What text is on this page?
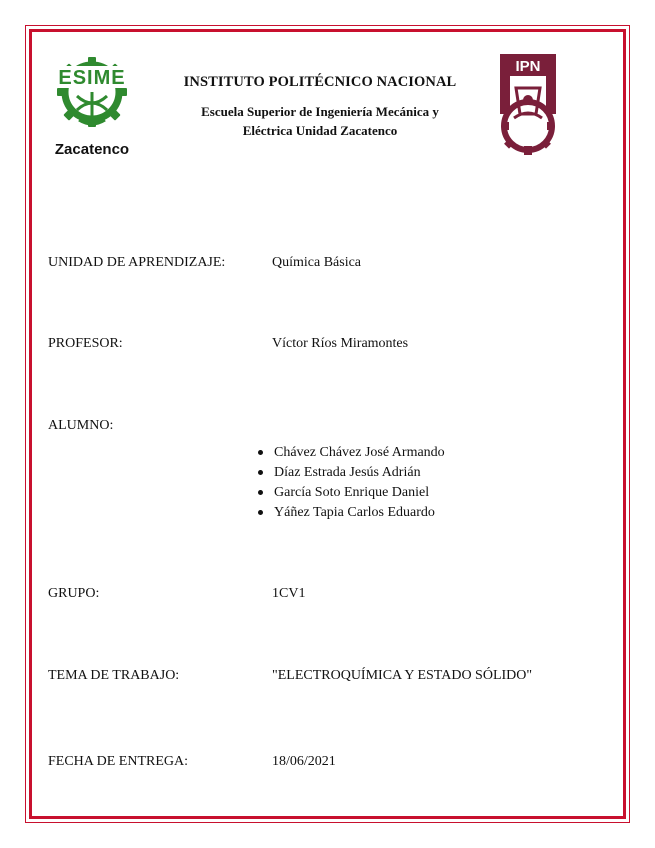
ESIME
Zacatenco
IPN
INSTITUTO POLITÉCNICO NACIONAL
Escuela Superior de Ingeniería Mecánica y
Eléctrica Unidad Zacatenco
UNIDAD DE APRENDIZAJE:	Química Básica
PROFESOR:	Víctor Ríos Miramontes
ALUMNO:
Chávez Chávez José Armando
Díaz Estrada Jesús Adrián
García Soto Enrique Daniel
Yáñez Tapia Carlos Eduardo
GRUPO:	1CV1
TEMA DE TRABAJO:	"ELECTROQUÍMICA Y ESTADO SÓLIDO"
FECHA DE ENTREGA:	18/06/2021
